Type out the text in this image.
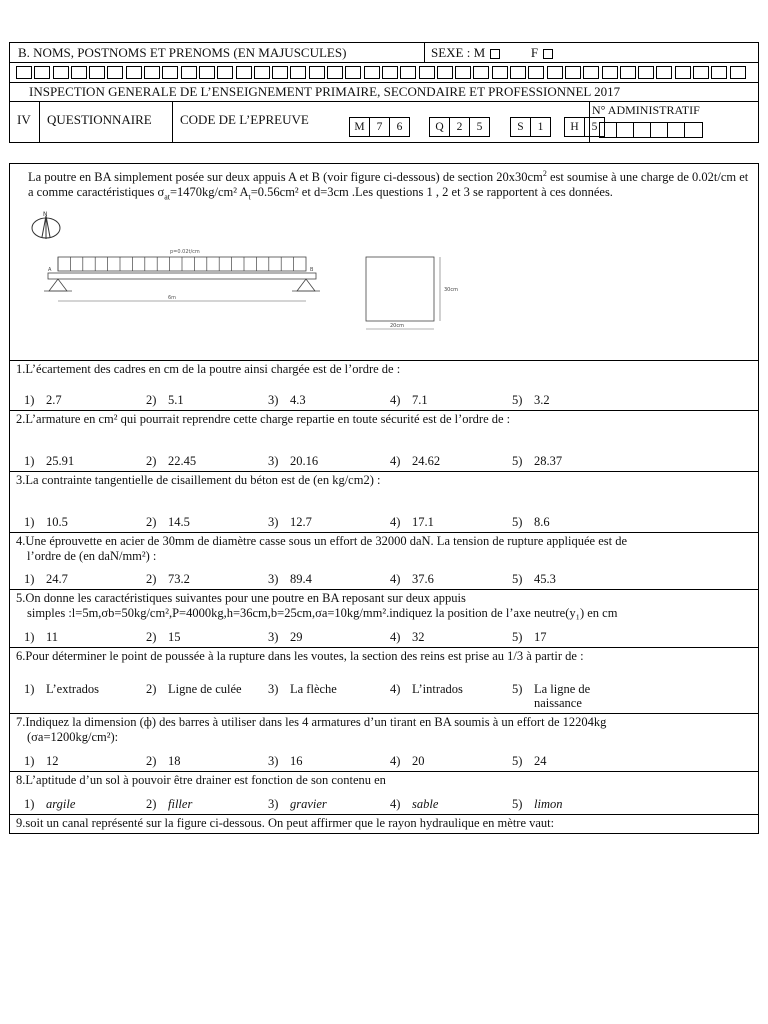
B. NOMS, POSTNOMS ET PRENOMS (EN MAJUSCULES)	SEXE : M	F
INSPECTION GENERALE DE L’ENSEIGNEMENT PRIMAIRE, SECONDAIRE ET PROFESSIONNEL 2017
IV	QUESTIONNAIRE	CODE DE L’EPREUVE	M	7	6	Q	2	5	S	1	H	5
N° ADMINISTRATIF

La poutre en BA simplement posée sur deux appuis A et B (voir figure ci-dessous) de section $20x30cm^2$ est soumise à une charge de 0.02t/cm et a comme caractéristiques $\sigma_{at}=1470kg$/cm² $A_t=0.56cm^2$ et d=3cm .Les questions 1 , 2 et 3 se rapportent à ces données.

N
p=0.02t/cm
A	B
6m
30cm
20cm
1.L’écartement des cadres en cm de la poutre ainsi chargée est de l’ordre de :
1) 2.7	2) 5.1	3) 4.3	4) 7.1	5) 3.2
2.L’armature en cm² qui pourrait reprendre cette charge repartie en toute sécurité est de l’ordre de :
1) 25.91	2) 22.45	3) 20.16	4) 24.62	5) 28.37
3.La contrainte tangentielle de cisaillement du béton est de (en kg/cm2) :
1) 10.5	2) 14.5	3) 12.7	4) 17.1	5) 8.6
4.Une éprouvette en acier de 30mm de diamètre casse sous un effort de 32000 daN. La tension de rupture appliquée est de
l’ordre de (en daN/mm²) :
1) 24.7	2) 73.2	3) 89.4	4) 37.6	5) 45.3
5.On donne les caractéristiques suivantes pour une poutre en BA reposant sur deux appuis
simples :l=5m,σb=50kg/cm²,P=4000kg,h=36cm,b=25cm,σa=10kg/mm².indiquez la position de l’axe neutre(y₁) en cm
1) 11	2) 15	3) 29	4) 32	5) 17
6.Pour déterminer le point de poussée à la rupture dans les voutes, la section des reins est prise au 1/3 à partir de :
1) L’extrados	2) Ligne de culée 3) La flèche	4) L’intrados	5) La ligne de naissance
7.Indiquez la dimension (ф) des barres à utiliser dans les 4 armatures d’un tirant en BA soumis à un effort de 12204kg
(σa=1200kg/cm²):
1) 12	2) 18	3) 16	4) 20	5) 24
8.L’aptitude d’un sol à pouvoir être drainer est fonction de son contenu en
1) argile	2) filler	3) gravier	4) sable	5) limon
9.soit un canal représenté sur la figure ci-dessous. On peut affirmer que le rayon hydraulique en mètre vaut:
